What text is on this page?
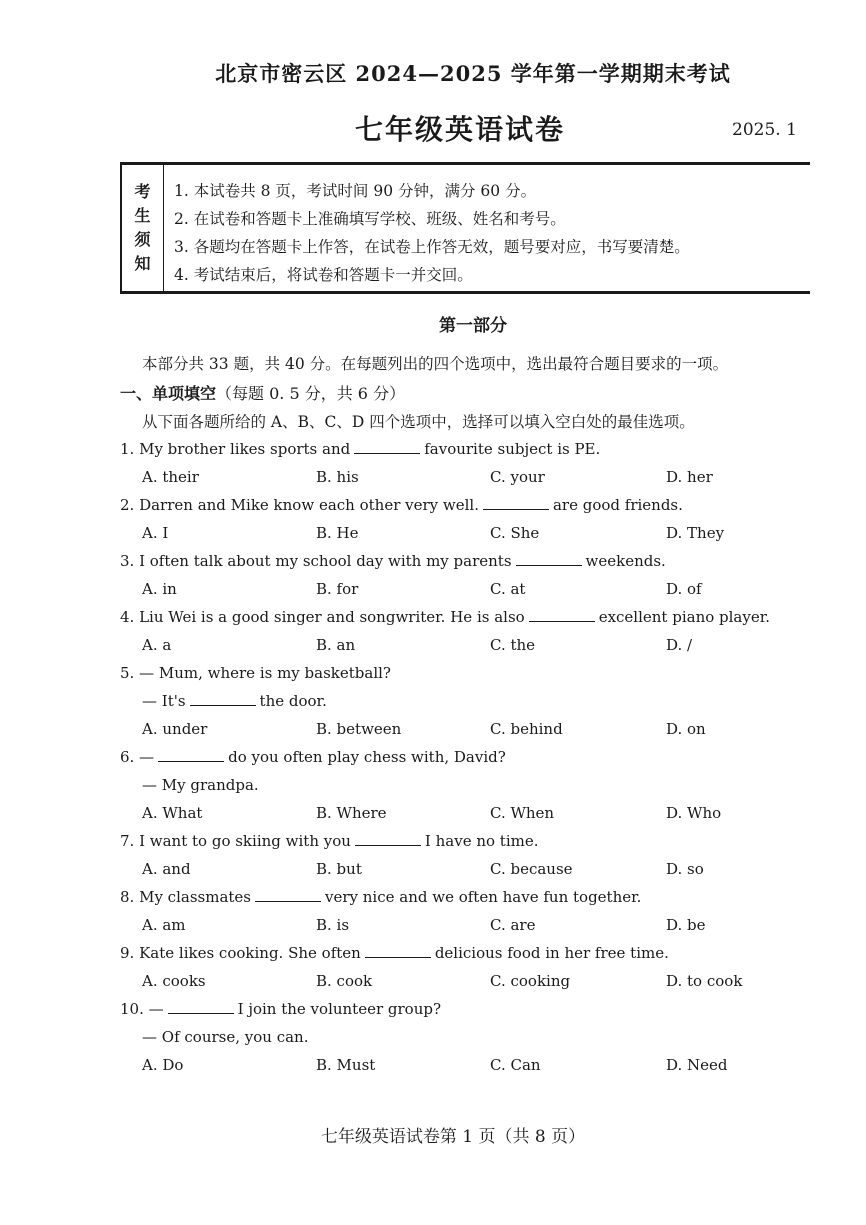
北京市密云区 2024—2025 学年第一学期期末考试
七年级英语试卷	2025. 1
考
生
须
知
1. 本试卷共 8 页，考试时间 90 分钟，满分 60 分。
2. 在试卷和答题卡上准确填写学校、班级、姓名和考号。
3. 各题均在答题卡上作答，在试卷上作答无效，题号要对应，书写要清楚。
4. 考试结束后，将试卷和答题卡一并交回。
第一部分
本部分共 33 题，共 40 分。在每题列出的四个选项中，选出最符合题目要求的一项。
一、单项填空（每题 0. 5 分，共 6 分）
从下面各题所给的 A、B、C、D 四个选项中，选择可以填入空白处的最佳选项。
1. My brother likes sports and	favourite subject is PE.
A. their	B. his	C. your	D. her
2. Darren and Mike know each other very well.	are good friends.
A. I	B. He	C. She	D. They
3. I often talk about my school day with my parents	weekends.
A. in	B. for	C. at	D. of
4. Liu Wei is a good singer and songwriter. He is also	excellent piano player.
A. a	B. an	C. the	D. /
5. — Mum, where is my basketball?
— It's	the door.
A. under	B. between	C. behind	D. on
6. —	do you often play chess with, David?
— My grandpa.
A. What	B. Where	C. When	D. Who
7. I want to go skiing with you	I have no time.
A. and	B. but	C. because	D. so
8. My classmates	very nice and we often have fun together.
A. am	B. is	C. are	D. be
9. Kate likes cooking. She often	delicious food in her free time.
A. cooks	B. cook	C. cooking	D. to cook
10. —	I join the volunteer group?
— Of course, you can.
A. Do	B. Must	C. Can	D. Need
七年级英语试卷第 1 页（共 8 页）
